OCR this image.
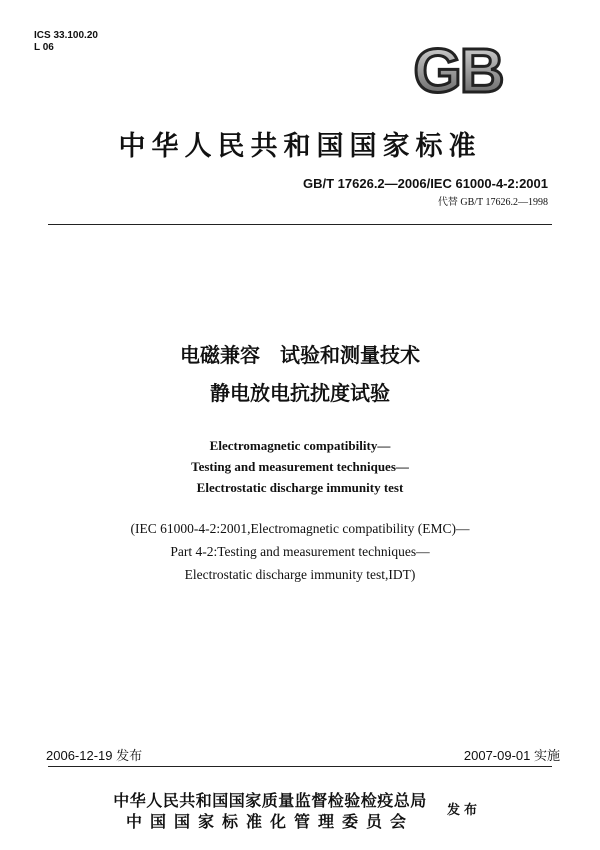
ICS 33.100.20
L 06	GB
中华人民共和国国家标准
GB/T 17626.2—2006/IEC 61000-4-2:2001
代替 GB/T 17626.2—1998
电磁兼容　试验和测量技术
静电放电抗扰度试验
Electromagnetic compatibility—
Testing and measurement techniques—
Electrostatic discharge immunity test
(IEC 61000-4-2:2001,Electromagnetic compatibility (EMC)—
Part 4-2:Testing and measurement techniques—
Electrostatic discharge immunity test,IDT)
2006-12-19 发布	2007-09-01 实施
中华人民共和国国家质量监督检验检疫总局
中国国家标准化管理委员会
发布
